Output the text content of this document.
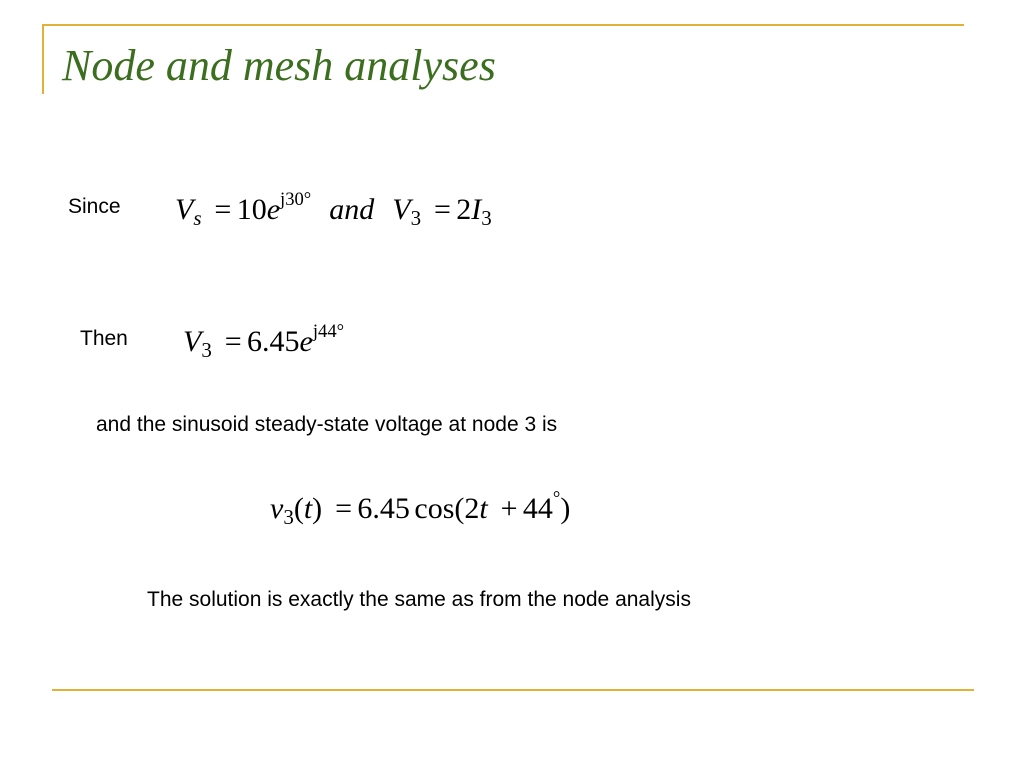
Node and mesh analyses
Since $V_s = 10e^{j30^\circ}$ and $V_3 = 2I_3$
Then $V_3 = 6.45e^{j44^\circ}$
and the sinusoid steady-state voltage at node 3 is
$v_3(t) = 6.45$ cos(2t + 44°)
The solution is exactly the same as from the node analysis
